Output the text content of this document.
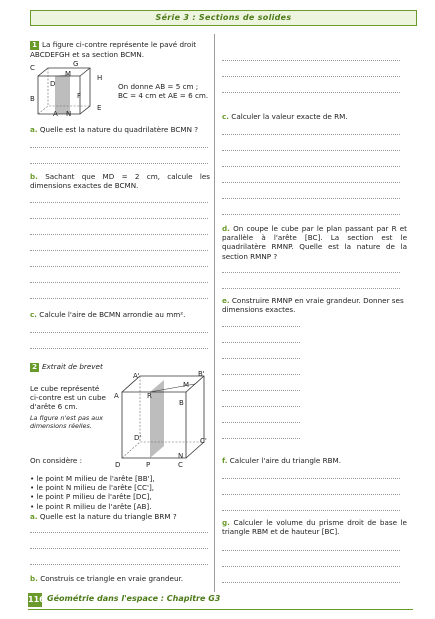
Série 3 : Sections de solides
1 La figure ci-contre représente le pavé droit ABCDEFGH et sa section BCMN.
C	G
M	H
D
B	F
A N
E
On donne AB = 5 cm ;
BC = 4 cm et AE = 6 cm.
a. Quelle est la nature du quadrilatère BCMN ?
b. Sachant que MD = 2 cm, calcule les dimensions exactes de BCMN.
c. Calcule l'aire de BCMN arrondie au mm².
2 Extrait de brevet
Le cube représenté ci-contre est un cube d'arête 6 cm.
La figure n'est pas aux dimensions réelles.
A'	B'
M
A	R
B
D'	C'
N
D	P	C
On considère :
• le point M milieu de l'arête [BB'],
• le point N milieu de l'arête [CC'],
• le point P milieu de l'arête [DC],
• le point R milieu de l'arête [AB].
a. Quelle est la nature du triangle BRM ?
b. Construis ce triangle en vraie grandeur.
c. Calculer la valeur exacte de RM.
d. On coupe le cube par le plan passant par R et parallèle à l'arête [BC]. La section est le quadrilatère RMNP. Quelle est la nature de la section RMNP ?
e. Construire RMNP en vraie grandeur. Donner ses dimensions exactes.
f. Calculer l'aire du triangle RBM.
g. Calculer le volume du prisme droit de base le triangle RBM et de hauteur [BC].
116 Géométrie dans l'espace : Chapitre G3
